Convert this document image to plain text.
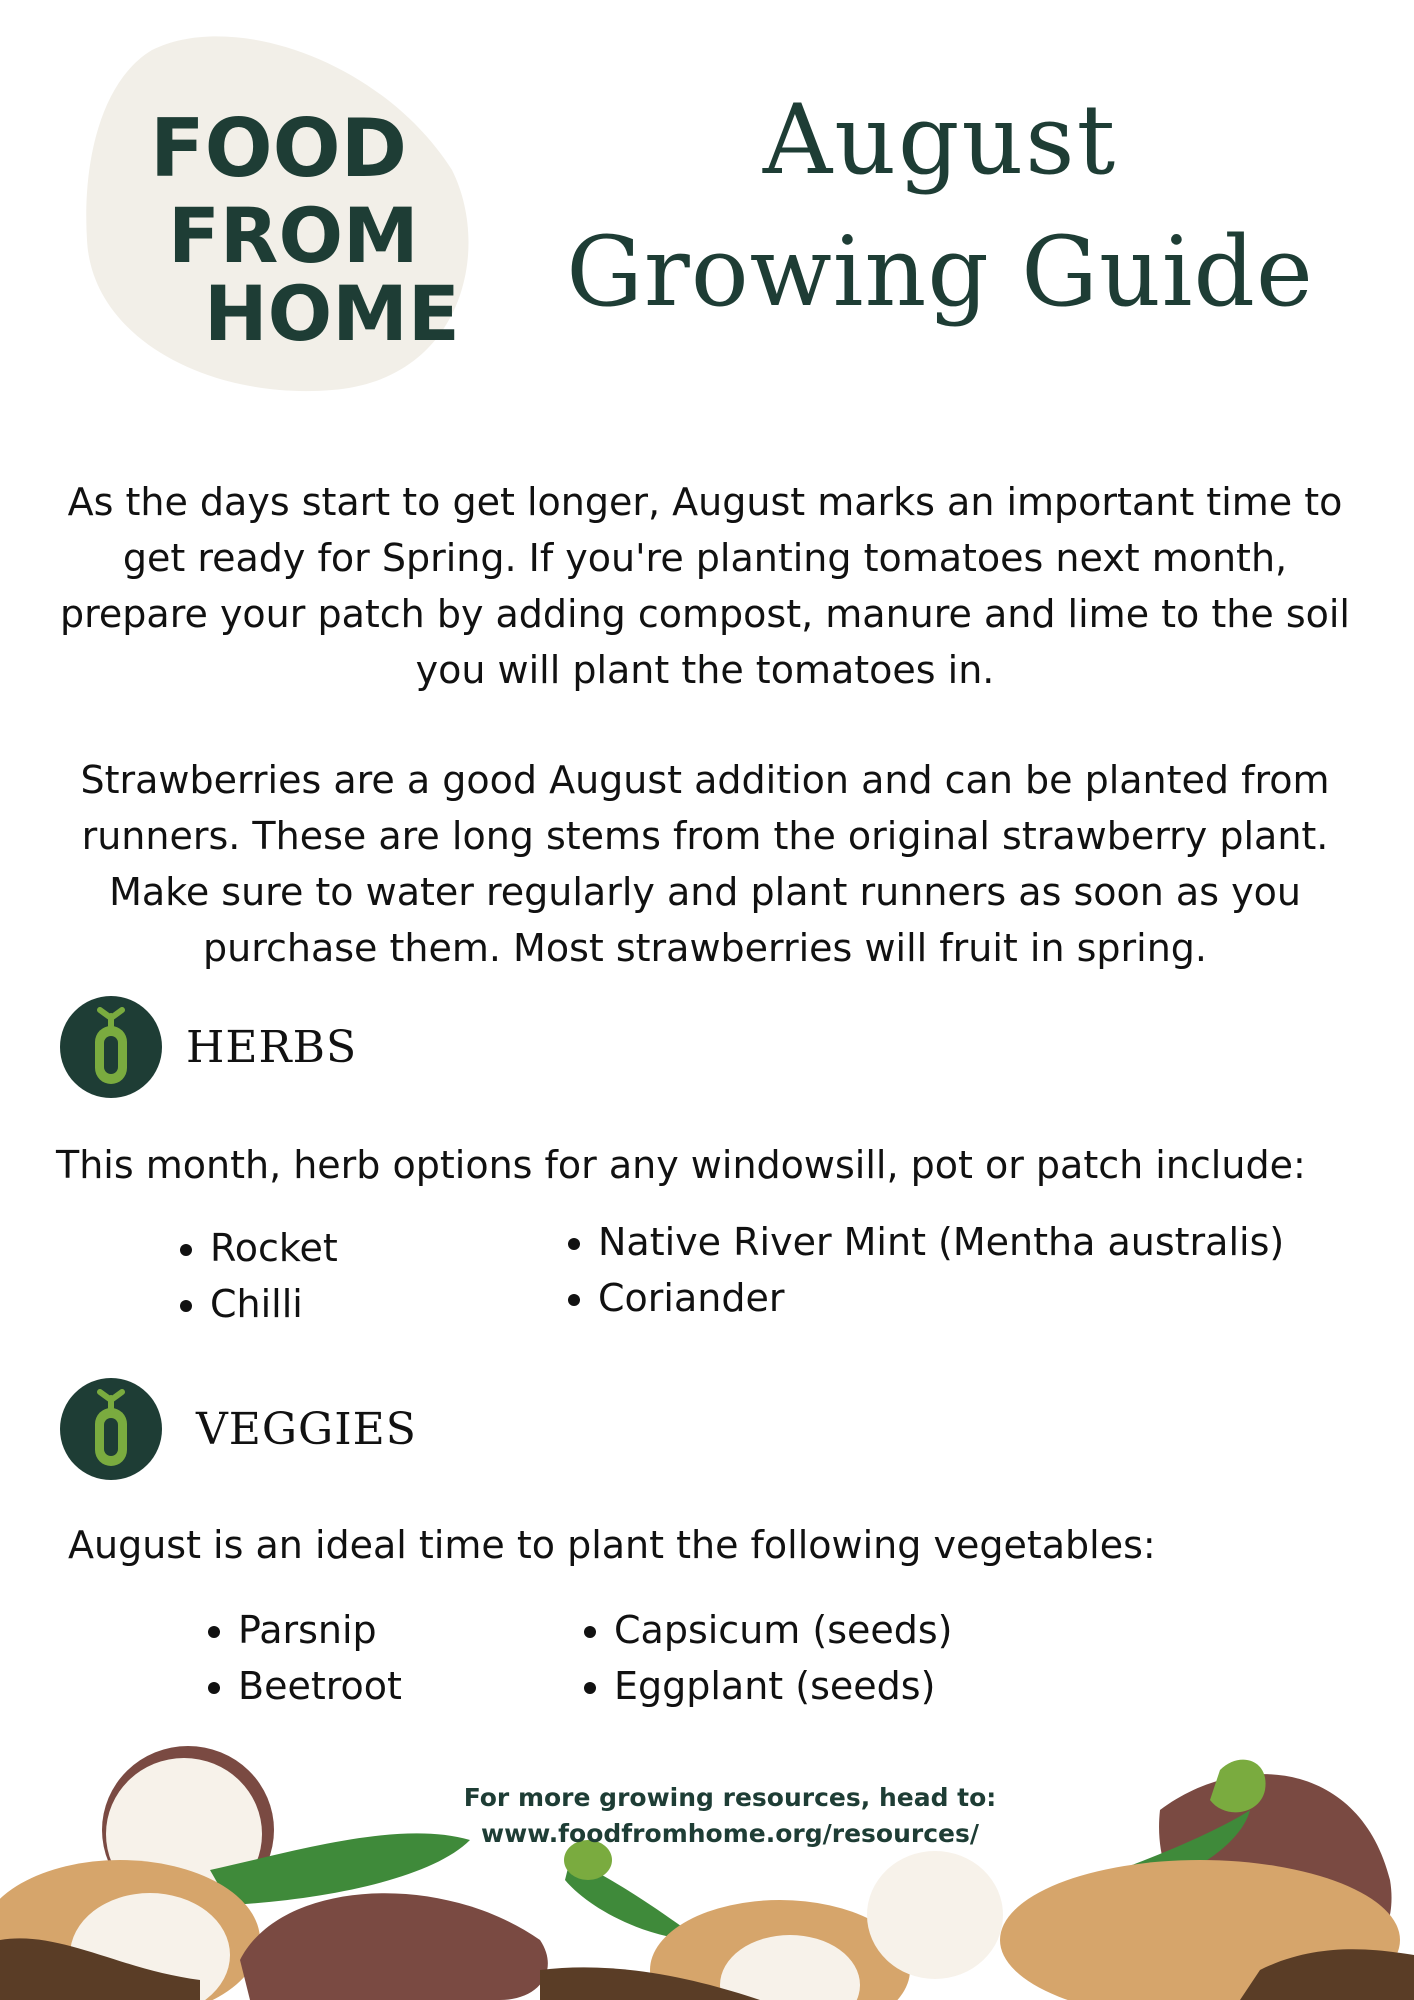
FOOD
FROM
HOME
August
Growing Guide

As the days start to get longer, August marks an important time to get ready for Spring. If you're planting tomatoes next month, prepare your patch by adding compost, manure and lime to the soil you will plant the tomatoes in.

Strawberries are a good August addition and can be planted from runners. These are long stems from the original strawberry plant. Make sure to water regularly and plant runners as soon as you purchase them. Most strawberries will fruit in spring.

HERBS
This month, herb options for any windowsill, pot or patch include:
• Rocket
• Chilli
• Native River Mint (Mentha australis)
• Coriander
VEGGIES
August is an ideal time to plant the following vegetables:
• Parsnip
• Beetroot
• Capsicum (seeds)
• Eggplant (seeds)
For more growing resources, head to:
www.foodfromhome.org/resources/
